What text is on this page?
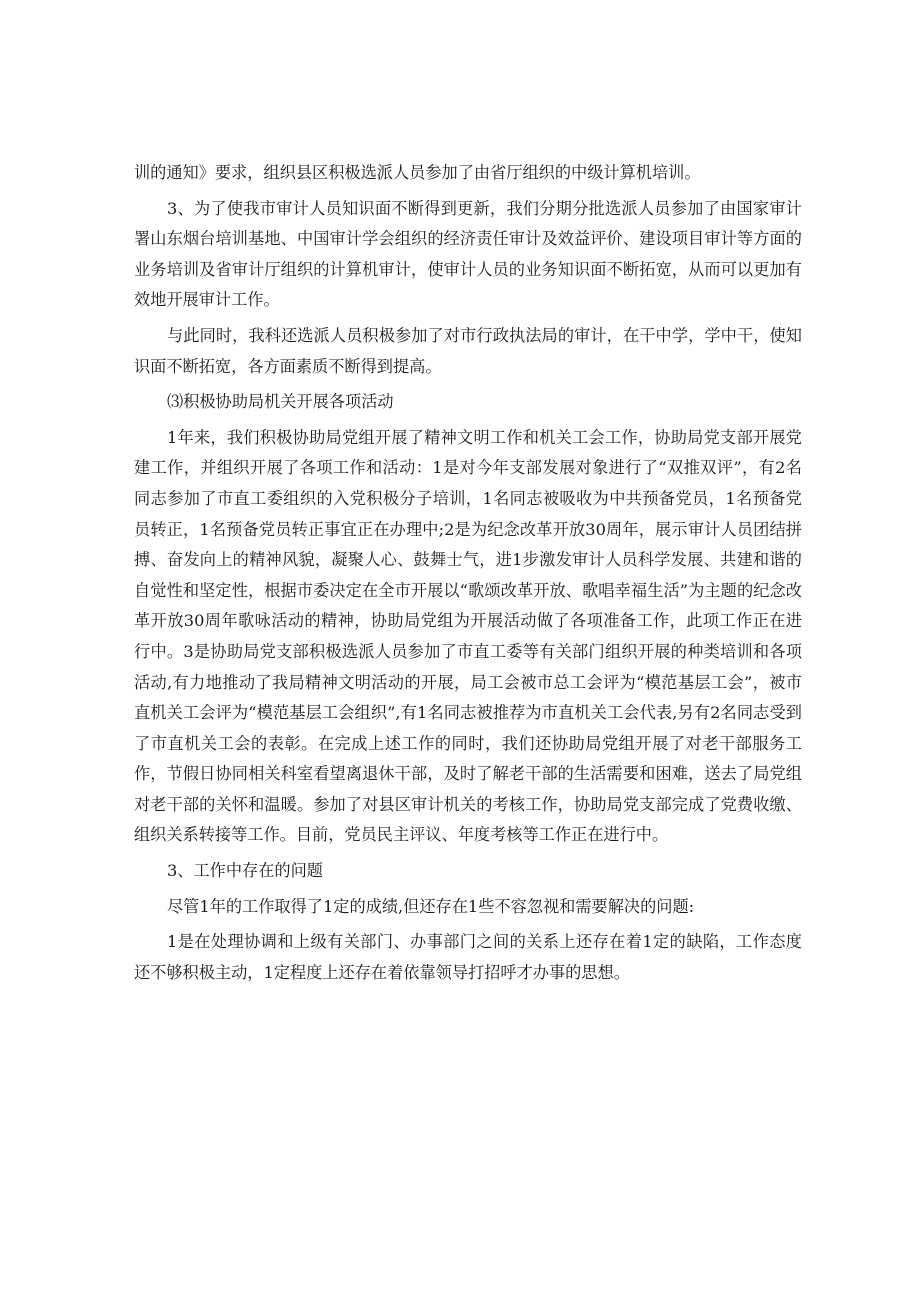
训的通知》要求，组织县区积极选派人员参加了由省厅组织的中级计算机培训。

3、为了使我市审计人员知识面不断得到更新，我们分期分批选派人员参加了由国家审计署山东烟台培训基地、中国审计学会组织的经济责任审计及效益评价、建设项目审计等方面的业务培训及省审计厅组织的计算机审计，使审计人员的业务知识面不断拓宽，从而可以更加有效地开展审计工作。

与此同时，我科还选派人员积极参加了对市行政执法局的审计，在干中学，学中干，使知识面不断拓宽，各方面素质不断得到提高。

⑶积极协助局机关开展各项活动

1年来，我们积极协助局党组开展了精神文明工作和机关工会工作，协助局党支部开展党建工作，并组织开展了各项工作和活动：1是对今年支部发展对象进行了“双推双评”，有2名同志参加了市直工委组织的入党积极分子培训，1名同志被吸收为中共预备党员，1名预备党员转正，1名预备党员转正事宜正在办理中;2是为纪念改革开放30周年，展示审计人员团结拼搏、奋发向上的精神风貌，凝聚人心、鼓舞士气，进1步激发审计人员科学发展、共建和谐的自觉性和坚定性，根据市委决定在全市开展以“歌颂改革开放、歌唱幸福生活”为主题的纪念改革开放30周年歌咏活动的精神，协助局党组为开展活动做了各项准备工作，此项工作正在进行中。3是协助局党支部积极选派人员参加了市直工委等有关部门组织开展的种类培训和各项活动,有力地推动了我局精神文明活动的开展，局工会被市总工会评为“模范基层工会”，被市直机关工会评为“模范基层工会组织”,有1名同志被推荐为市直机关工会代表,另有2名同志受到了市直机关工会的表彰。在完成上述工作的同时，我们还协助局党组开展了对老干部服务工作，节假日协同相关科室看望离退休干部，及时了解老干部的生活需要和困难，送去了局党组对老干部的关怀和温暖。参加了对县区审计机关的考核工作，协助局党支部完成了党费收缴、组织关系转接等工作。目前，党员民主评议、年度考核等工作正在进行中。

3、工作中存在的问题

尽管1年的工作取得了1定的成绩,但还存在1些不容忽视和需要解决的问题:

1是在处理协调和上级有关部门、办事部门之间的关系上还存在着1定的缺陷，工作态度还不够积极主动，1定程度上还存在着依靠领导打招呼才办事的思想。
